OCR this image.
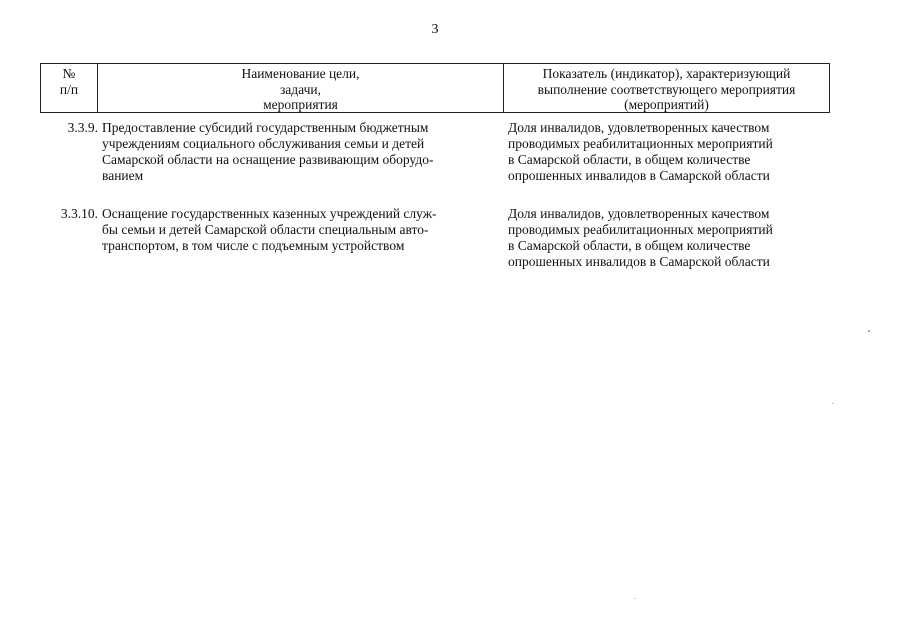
3
№
п/п
Наименование цели,
задачи,
мероприятия
Показатель (индикатор), характеризующий
выполнение соответствующего мероприятия
(мероприятий)
3.3.9. Предоставление субсидий государственным бюджетным
учреждениям социального обслуживания семьи и детей
Самарской области на оснащение развивающим оборудо-
ванием
Доля инвалидов, удовлетворенных качеством
проводимых реабилитационных мероприятий
в Самарской области, в общем количестве
опрошенных инвалидов в Самарской области
3.3.10. Оснащение государственных казенных учреждений служ-
бы семьи и детей Самарской области специальным авто-
транспортом, в том числе с подъемным устройством
Доля инвалидов, удовлетворенных качеством
проводимых реабилитационных мероприятий
в Самарской области, в общем количестве
опрошенных инвалидов в Самарской области
